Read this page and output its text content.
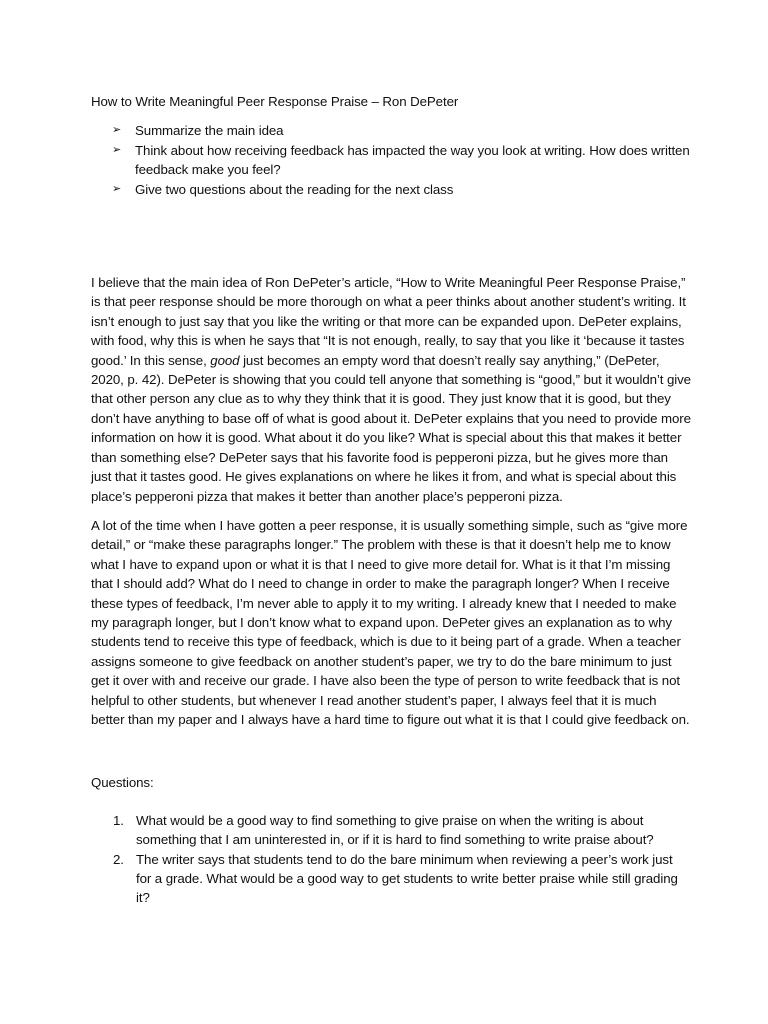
How to Write Meaningful Peer Response Praise – Ron DePeter

➢ Summarize the main idea
➢ Think about how receiving feedback has impacted the way you look at writing. How does written feedback make you feel?
➢ Give two questions about the reading for the next class

I believe that the main idea of Ron DePeter’s article, “How to Write Meaningful Peer Response Praise,” is that peer response should be more thorough on what a peer thinks about another student’s writing. It isn’t enough to just say that you like the writing or that more can be expanded upon. DePeter explains, with food, why this is when he says that “It is not enough, really, to say that you like it ‘because it tastes good.’ In this sense, good just becomes an empty word that doesn’t really say anything,” (DePeter, 2020, p. 42). DePeter is showing that you could tell anyone that something is “good,” but it wouldn’t give that other person any clue as to why they think that it is good. They just know that it is good, but they don’t have anything to base off of what is good about it. DePeter explains that you need to provide more information on how it is good. What about it do you like? What is special about this that makes it better than something else? DePeter says that his favorite food is pepperoni pizza, but he gives more than just that it tastes good. He gives explanations on where he likes it from, and what is special about this place’s pepperoni pizza that makes it better than another place’s pepperoni pizza.

A lot of the time when I have gotten a peer response, it is usually something simple, such as “give more detail,” or “make these paragraphs longer.” The problem with these is that it doesn’t help me to know what I have to expand upon or what it is that I need to give more detail for. What is it that I’m missing that I should add? What do I need to change in order to make the paragraph longer? When I receive these types of feedback, I’m never able to apply it to my writing. I already knew that I needed to make my paragraph longer, but I don’t know what to expand upon. DePeter gives an explanation as to why students tend to receive this type of feedback, which is due to it being part of a grade. When a teacher assigns someone to give feedback on another student’s paper, we try to do the bare minimum to just get it over with and receive our grade. I have also been the type of person to write feedback that is not helpful to other students, but whenever I read another student’s paper, I always feel that it is much better than my paper and I always have a hard time to figure out what it is that I could give feedback on.

Questions:

1. What would be a good way to find something to give praise on when the writing is about something that I am uninterested in, or if it is hard to find something to write praise about?
2. The writer says that students tend to do the bare minimum when reviewing a peer’s work just for a grade. What would be a good way to get students to write better praise while still grading it?
